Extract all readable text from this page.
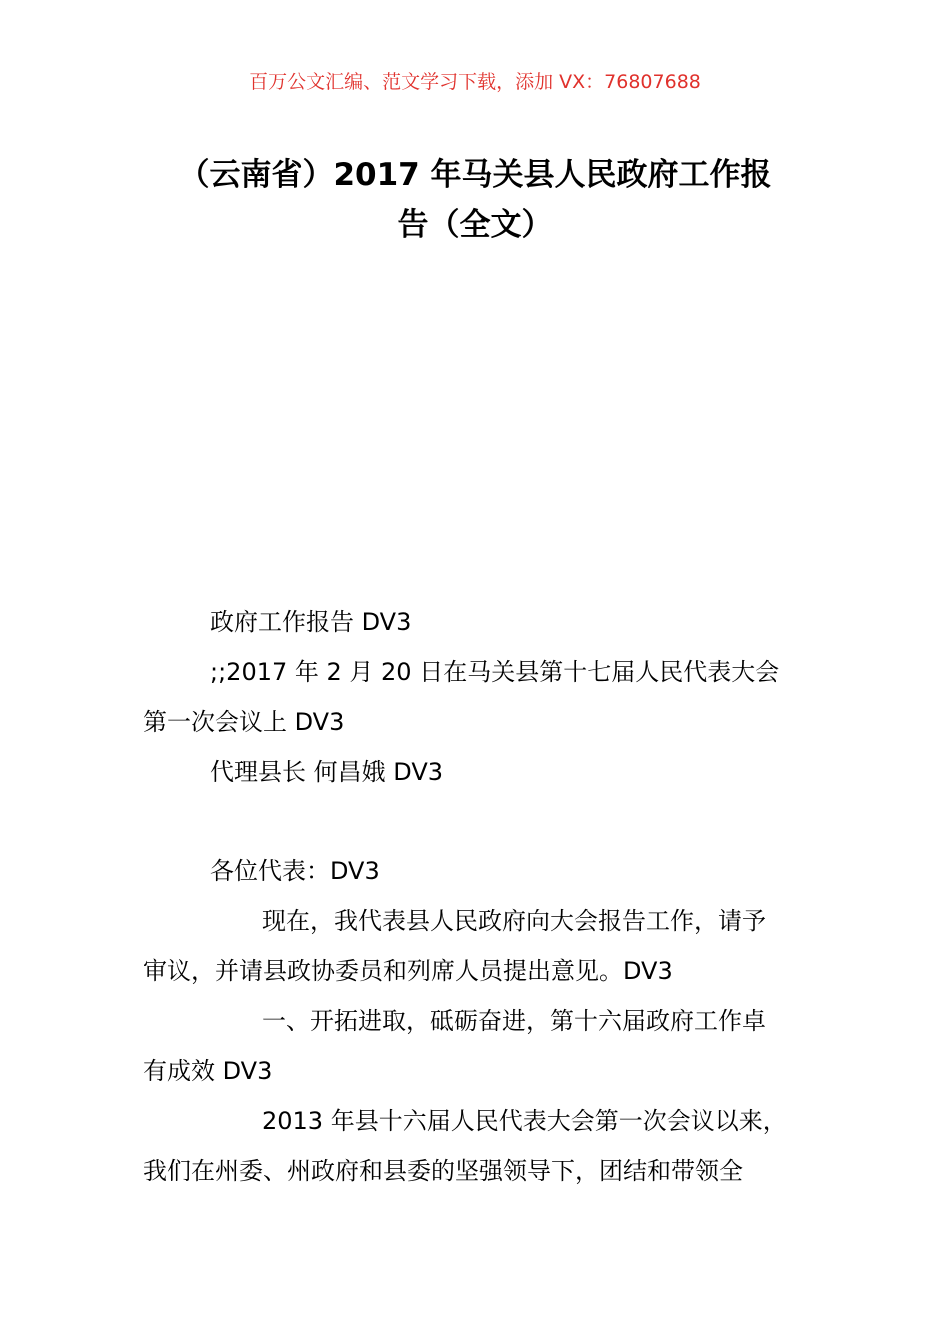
百万公文汇编、范文学习下载，添加 VX：76807688
（云南省）2017 年马关县人民政府工作报
告（全文）

政府工作报告 DV3

;;2017 年 2 月 20 日在马关县第十七届人民代表大会

第一次会议上 DV3

代理县长 何昌娥 DV3

各位代表：DV3

现在，我代表县人民政府向大会报告工作，请予

审议，并请县政协委员和列席人员提出意见。DV3

一、开拓进取，砥砺奋进，第十六届政府工作卓

有成效 DV3

2013 年县十六届人民代表大会第一次会议以来，

我们在州委、州政府和县委的坚强领导下，团结和带领全
